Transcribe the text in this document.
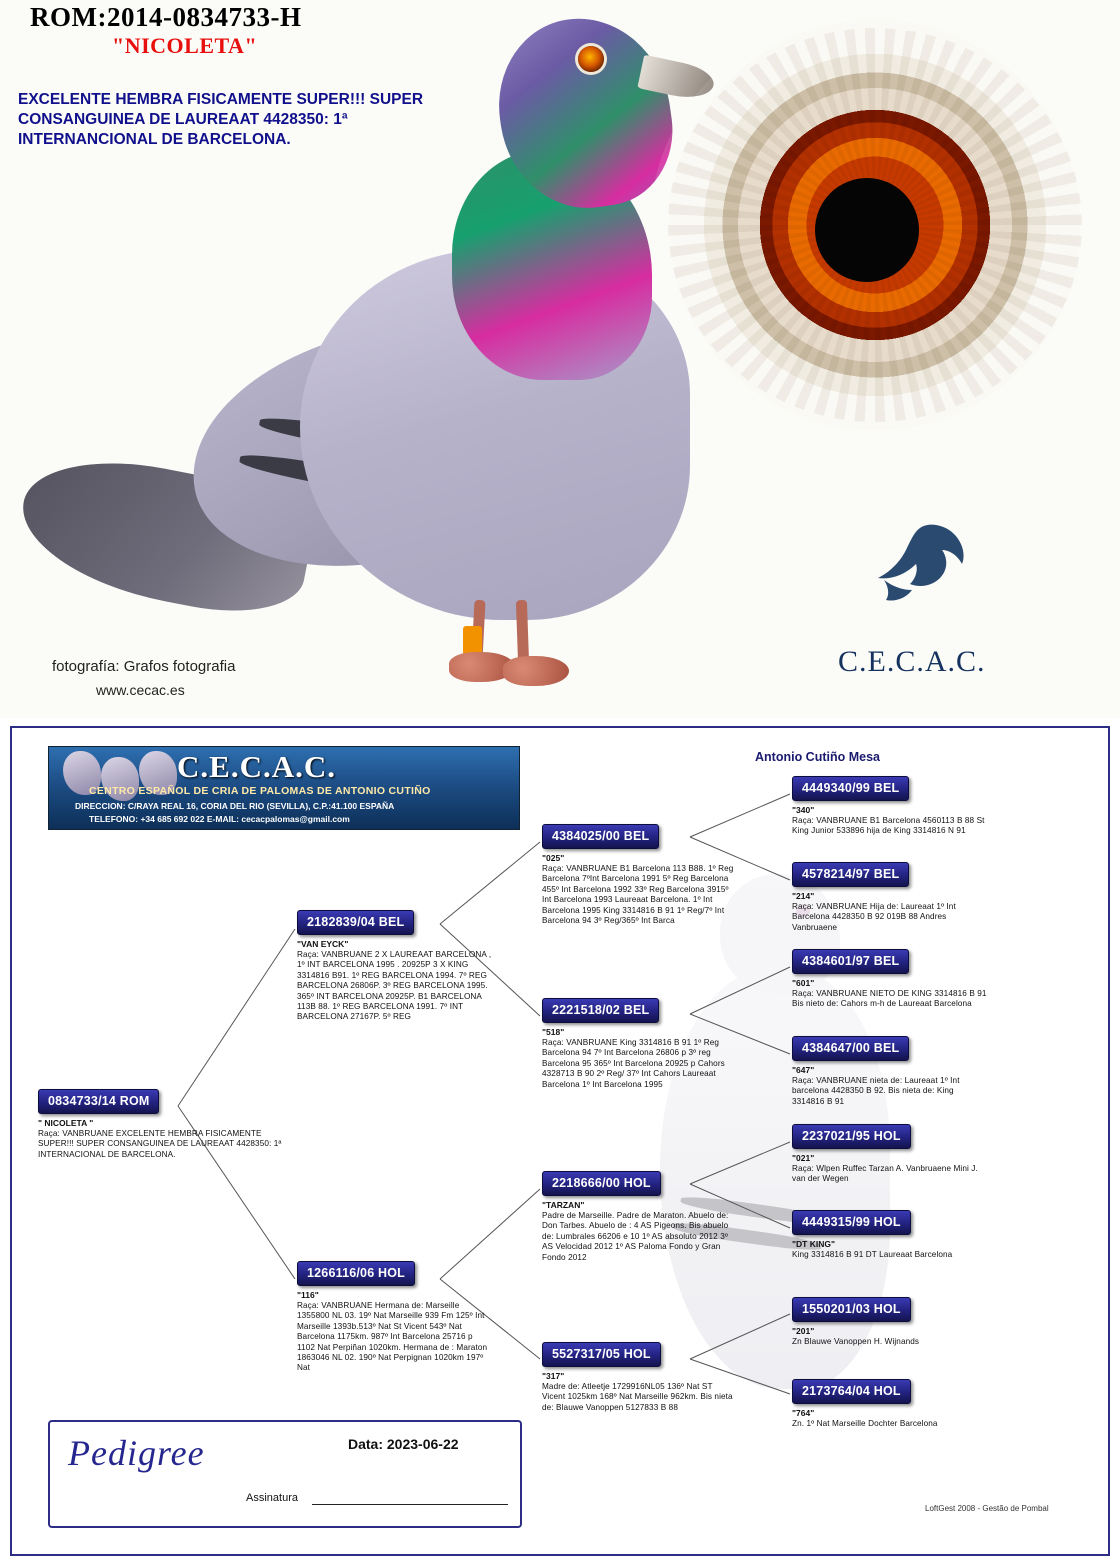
ROM:2014-0834733-H
"NICOLETA"
EXCELENTE HEMBRA FISICAMENTE SUPER!!! SUPER CONSANGUINEA DE LAUREAAT 4428350: 1ª INTERNANCIONAL DE BARCELONA.
fotografía: Grafos fotografia
www.cecac.es
C.E.C.A.C.
C.E.C.A.C.
CENTRO ESPAÑOL DE CRIA DE PALOMAS DE ANTONIO CUTIÑO
DIRECCION: C/RAYA REAL 16, CORIA DEL RIO (SEVILLA), C.P.:41.100 ESPAÑA
TELEFONO: +34 685 692 022 E-MAIL: cecacpalomas@gmail.com
Antonio Cutiño Mesa
0834733/14 ROM
" NICOLETA "
Raça: VANBRUANE EXCELENTE HEMBRA FISICAMENTE SUPER!!! SUPER CONSANGUINEA DE LAUREAAT 4428350: 1ª INTERNACIONAL DE BARCELONA.
2182839/04 BEL
"VAN EYCK"
Raça: VANBRUANE 2 X LAUREAAT BARCELONA , 1º INT BARCELONA 1995 . 20925P 3 X KING 3314816 B91. 1º REG BARCELONA 1994. 7º REG BARCELONA 26806P. 3º REG BARCELONA 1995. 365º INT BARCELONA 20925P. B1 BARCELONA 113B 88. 1º REG BARCELONA 1991. 7º INT BARCELONA 27167P. 5º REG
1266116/06 HOL
"116"
Raça: VANBRUANE Hermana de: Marseille 1355800 NL 03. 19º Nat Marseille 939 Fm 125º Int Marseille 1393b.513º Nat St Vicent 543º Nat Barcelona 1175km. 987º Int Barcelona 25716 p 1102 Nat Perpiñan 1020km. Hermana de : Maraton 1863046 NL 02. 190º Nat Perpignan 1020km 197º Nat
4384025/00 BEL
"025"
Raça: VANBRUANE B1 Barcelona 113 B88. 1º Reg Barcelona 7ºInt Barcelona 1991 5º Reg Barcelona 455º Int Barcelona 1992 33º Reg Barcelona 3915º Int Barcelona 1993 Laureaat Barcelona. 1º Int Barcelona 1995 King 3314816 B 91 1º Reg/7º Int Barcelona 94 3º Reg/365º Int Barca
2221518/02 BEL
"518"
Raça: VANBRUANE King 3314816 B 91 1º Reg Barcelona 94 7º Int Barcelona 26806 p 3º reg Barcelona 95 365º Int Barcelona 20925 p Cahors 4328713 B 90 2º Reg/ 37º Int Cahors Laureaat Barcelona 1º Int Barcelona 1995
2218666/00 HOL
"TARZAN"
Padre de Marseille. Padre de Maraton. Abuelo de: Don Tarbes. Abuelo de : 4 AS Pigeons. Bis abuelo de: Lumbrales 66206 e 10 1º AS absoluto 2012 3º AS Velocidad 2012 1º AS Paloma Fondo y Gran Fondo 2012
5527317/05 HOL
"317"
Madre de: Atleetje 1729916NL05 136º Nat ST Vicent 1025km 168º Nat Marseille 962km. Bis nieta de: Blauwe Vanoppen 5127833 B 88
4449340/99 BEL
"340"
Raça: VANBRUANE B1 Barcelona 4560113 B 88 St King Junior 533896 hija de King 3314816 N 91
4578214/97 BEL
"214"
Raça: VANBRUANE Hija de: Laureaat 1º Int Barcelona 4428350 B 92 019B 88 Andres Vanbruaene
4384601/97 BEL
"601"
Raça: VANBRUANE NIETO DE KING 3314816 B 91 Bis nieto de: Cahors m-h de Laureaat Barcelona
4384647/00 BEL
"647"
Raça: VANBRUANE nieta de: Laureaat 1º Int barcelona 4428350 B 92. Bis nieta de: King 3314816 B 91
2237021/95 HOL
"021"
Raça: Wlpen Ruffec Tarzan A. Vanbruaene Mini J. van der Wegen
4449315/99 HOL
"DT KING"
King 3314816 B 91 DT Laureaat Barcelona
1550201/03 HOL
"201"
Zn Blauwe Vanoppen H. Wijnands
2173764/04 HOL
"764"
Zn. 1º Nat Marseille Dochter Barcelona
Pedigree	Data: 2023-06-22
Assinatura
LoftGest 2008 - Gestão de Pombal
